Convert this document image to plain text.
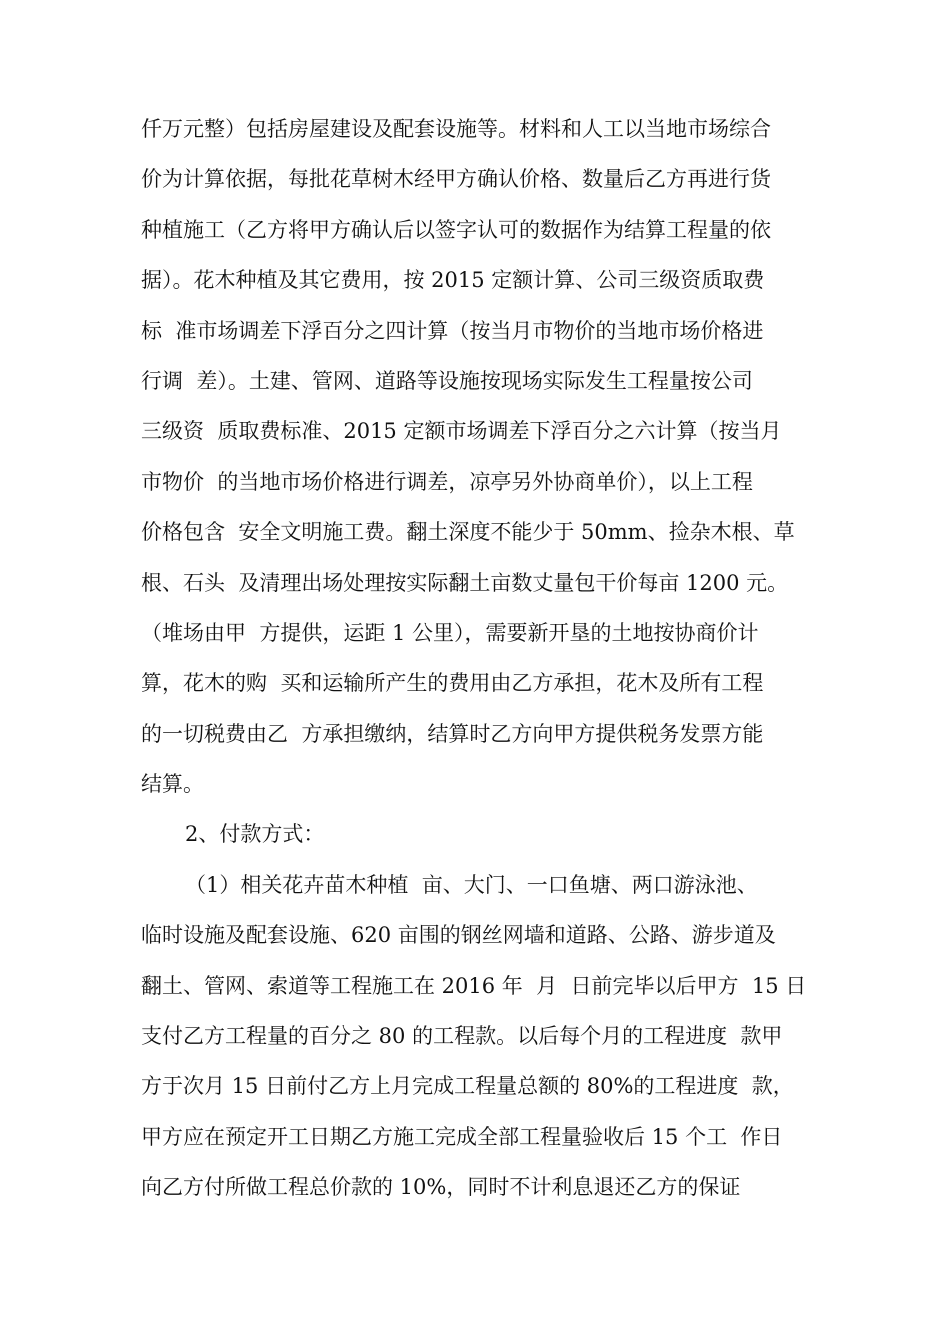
仟万元整）包括房屋建设及配套设施等。材料和人工以当地市场综合
价为计算依据，每批花草树木经甲方确认价格、数量后乙方再进行货
种植施工（乙方将甲方确认后以签字认可的数据作为结算工程量的依
据）。花木种植及其它费用，按 2015 定额计算、公司三级资质取费
标  准市场调差下浮百分之四计算（按当月市物价的当地市场价格进
行调  差）。土建、管网、道路等设施按现场实际发生工程量按公司
三级资  质取费标准、2015 定额市场调差下浮百分之六计算（按当月
市物价  的当地市场价格进行调差，凉亭另外协商单价），以上工程
价格包含  安全文明施工费。翻土深度不能少于 50mm、捡杂木根、草
根、石头  及清理出场处理按实际翻土亩数丈量包干价每亩 1200 元。
（堆场由甲  方提供，运距 1 公里），需要新开垦的土地按协商价计
算，花木的购  买和运输所产生的费用由乙方承担，花木及所有工程
的一切税费由乙  方承担缴纳，结算时乙方向甲方提供税务发票方能
结算。
2、付款方式：
（1）相关花卉苗木种植  亩、大门、一口鱼塘、两口游泳池、
临时设施及配套设施、620 亩围的钢丝网墙和道路、公路、游步道及
翻土、管网、索道等工程施工在 2016 年  月  日前完毕以后甲方  15 日
支付乙方工程量的百分之 80 的工程款。以后每个月的工程进度  款甲
方于次月 15 日前付乙方上月完成工程量总额的 80%的工程进度  款，
甲方应在预定开工日期乙方施工完成全部工程量验收后 15 个工  作日
向乙方付所做工程总价款的 10%，同时不计利息退还乙方的保证
